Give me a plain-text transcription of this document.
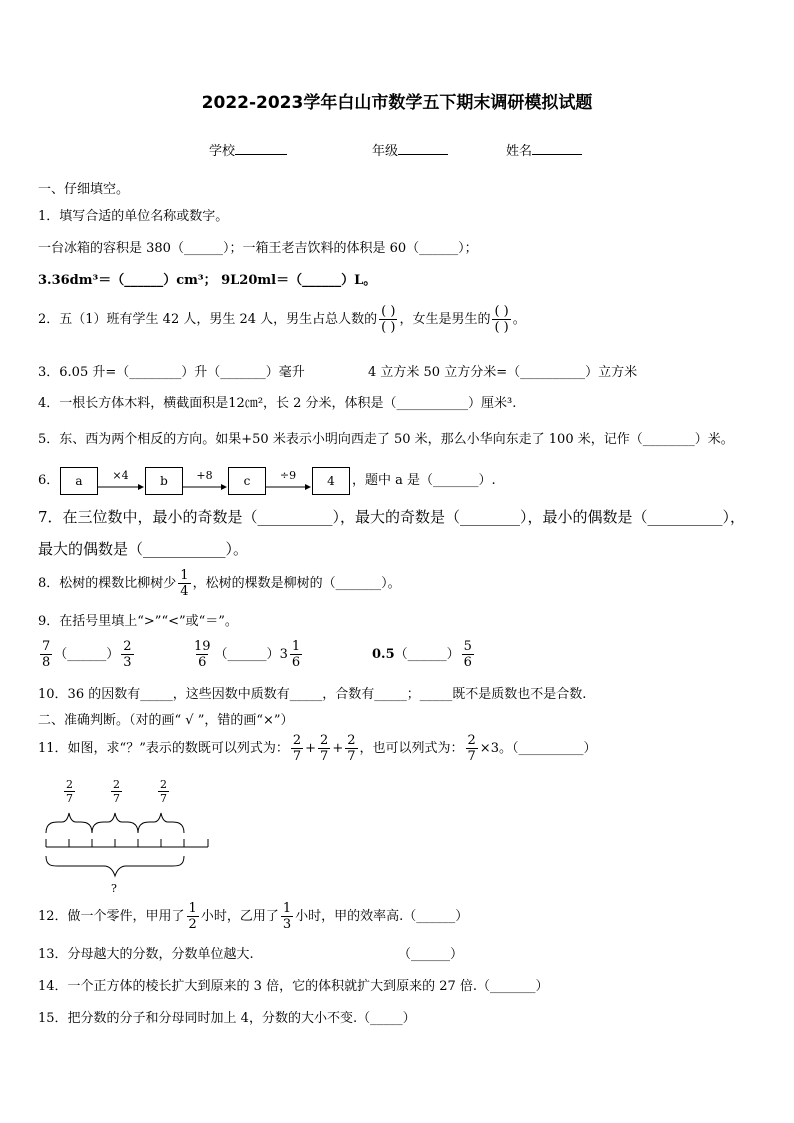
2022-2023学年白山市数学五下期末调研模拟试题
学校	年级	姓名
一、仔细填空。
1．填写合适的单位名称或数字。
一台冰箱的容积是 380（______）；一箱王老吉饮料的体积是 60（______）；
3.36dm³＝（______）cm³； 9L20ml＝（______）L。
2．五（1）班有学生 42 人，男生 24 人，男生占总人数的 $\frac{( )}{( )}$ ，女生是男生的 $\frac{( )}{( )}$ 。
3．6.05 升=（________）升（_______）毫升	4 立方米 50 立方分米=（__________）立方米
4．一根长方体木料，横截面积是12㎝²，长 2 分米，体积是（___________）厘米³.
5．东、西为两个相反的方向。如果+50 米表示小明向西走了 50 米，那么小华向东走了 100 米，记作（________）米。
6．	a	b	c	4
×4	+8	÷9	，题中 a 是（_______）.
7．在三位数中，最小的奇数是（__________），最大的奇数是（________），最小的偶数是（__________），
最大的偶数是（___________）。
8．松树的棵数比柳树少 $\frac{1}{4}$ ，松树的棵数是柳树的（_______）。
9．在括号里填上“>”“<”或“＝”。
$\frac{7}{8}$ （______） $\frac{2}{3}$	$\frac{19}{6}$ （______） $3 \frac{1}{6}$	0.5 （______） $\frac{5}{6}$
10．36 的因数有_____，这些因数中质数有_____，合数有_____；_____既不是质数也不是合数.
二、准确判断。（对的画“ √ ”，错的画“×”）
11．如图，求“？”表示的数既可以列式为： $\frac{2}{7} + \frac{2}{7} + \frac{2}{7}$ ，也可以列式为： $\frac{2}{7} \times 3$ 。（__________）
$\frac{2}{7}$	$\frac{2}{7}$	$\frac{2}{7}$
?
12．做一个零件，甲用了 $\frac{1}{2}$ 小时，乙用了 $\frac{1}{3}$ 小时，甲的效率高.（______）
13．分母越大的分数，分数单位越大.	（______）
14．一个正方体的棱长扩大到原来的 3 倍，它的体积就扩大到原来的 27 倍.（_______）
15．把分数的分子和分母同时加上 4，分数的大小不变.（_____）
